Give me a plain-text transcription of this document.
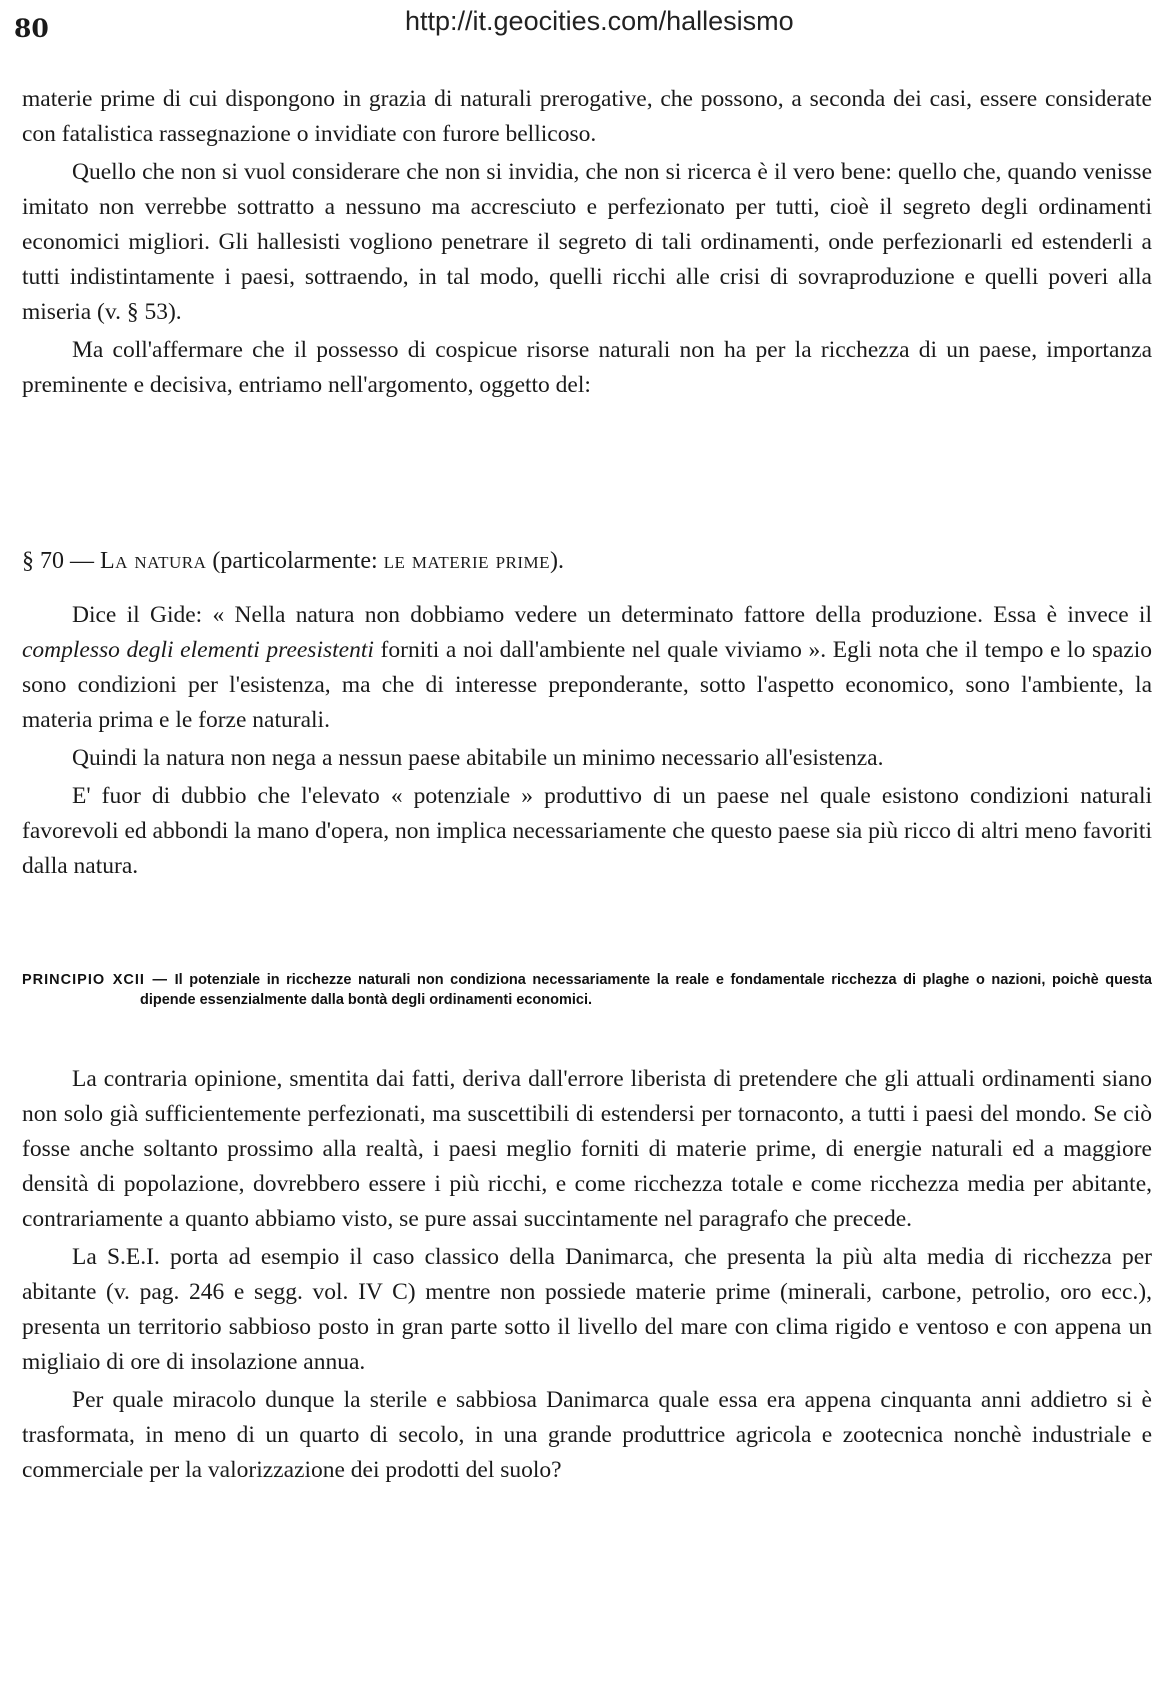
80	http://it.geocities.com/hallesismo

materie prime di cui dispongono in grazia di naturali prerogative, che possono, a seconda dei casi, essere considerate con fatalistica rassegnazione o invidiate con furore bellicoso.

Quello che non si vuol considerare che non si invidia, che non si ricerca è il vero bene: quello che, quando venisse imitato non verrebbe sottratto a nessuno ma accresciuto e perfezionato per tutti, cioè il segreto degli ordinamenti economici migliori. Gli hallesisti vogliono penetrare il segreto di tali ordinamenti, onde perfezionarli ed estenderli a tutti indistintamente i paesi, sottraendo, in tal modo, quelli ricchi alle crisi di sovraproduzione e quelli poveri alla miseria (v. § 53).

Ma coll'affermare che il possesso di cospicue risorse naturali non ha per la ricchezza di un paese, importanza preminente e decisiva, entriamo nell'argomento, oggetto del:

§ 70 — La natura (particolarmente: le materie prime).

Dice il Gide: « Nella natura non dobbiamo vedere un determinato fattore della produzione. Essa è invece il complesso degli elementi preesistenti forniti a noi dall'ambiente nel quale viviamo ». Egli nota che il tempo e lo spazio sono condizioni per l'esistenza, ma che di interesse preponderante, sotto l'aspetto economico, sono l'ambiente, la materia prima e le forze naturali.

Quindi la natura non nega a nessun paese abitabile un minimo necessario all'esistenza.

E' fuor di dubbio che l'elevato « potenziale » produttivo di un paese nel quale esistono condizioni naturali favorevoli ed abbondi la mano d'opera, non implica necessariamente che questo paese sia più ricco di altri meno favoriti dalla natura.

PRINCIPIO XCII — Il potenziale in ricchezze naturali non condiziona necessariamente la reale e fondamentale ricchezza di plaghe o nazioni, poichè questa dipende essenzialmente dalla bontà degli ordinamenti economici.

La contraria opinione, smentita dai fatti, deriva dall'errore liberista di pretendere che gli attuali ordinamenti siano non solo già sufficientemente perfezionati, ma suscettibili di estendersi per tornaconto, a tutti i paesi del mondo. Se ciò fosse anche soltanto prossimo alla realtà, i paesi meglio forniti di materie prime, di energie naturali ed a maggiore densità di popolazione, dovrebbero essere i più ricchi, e come ricchezza totale e come ricchezza media per abitante, contrariamente a quanto abbiamo visto, se pure assai succintamente nel paragrafo che precede.

La S.E.I. porta ad esempio il caso classico della Danimarca, che presenta la più alta media di ricchezza per abitante (v. pag. 246 e segg. vol. IV C) mentre non possiede materie prime (minerali, carbone, petrolio, oro ecc.), presenta un territorio sabbioso posto in gran parte sotto il livello del mare con clima rigido e ventoso e con appena un migliaio di ore di insolazione annua.

Per quale miracolo dunque la sterile e sabbiosa Danimarca quale essa era appena cinquanta anni addietro si è trasformata, in meno di un quarto di secolo, in una grande produttrice agricola e zootecnica nonchè industriale e commerciale per la valorizzazione dei prodotti del suolo?
